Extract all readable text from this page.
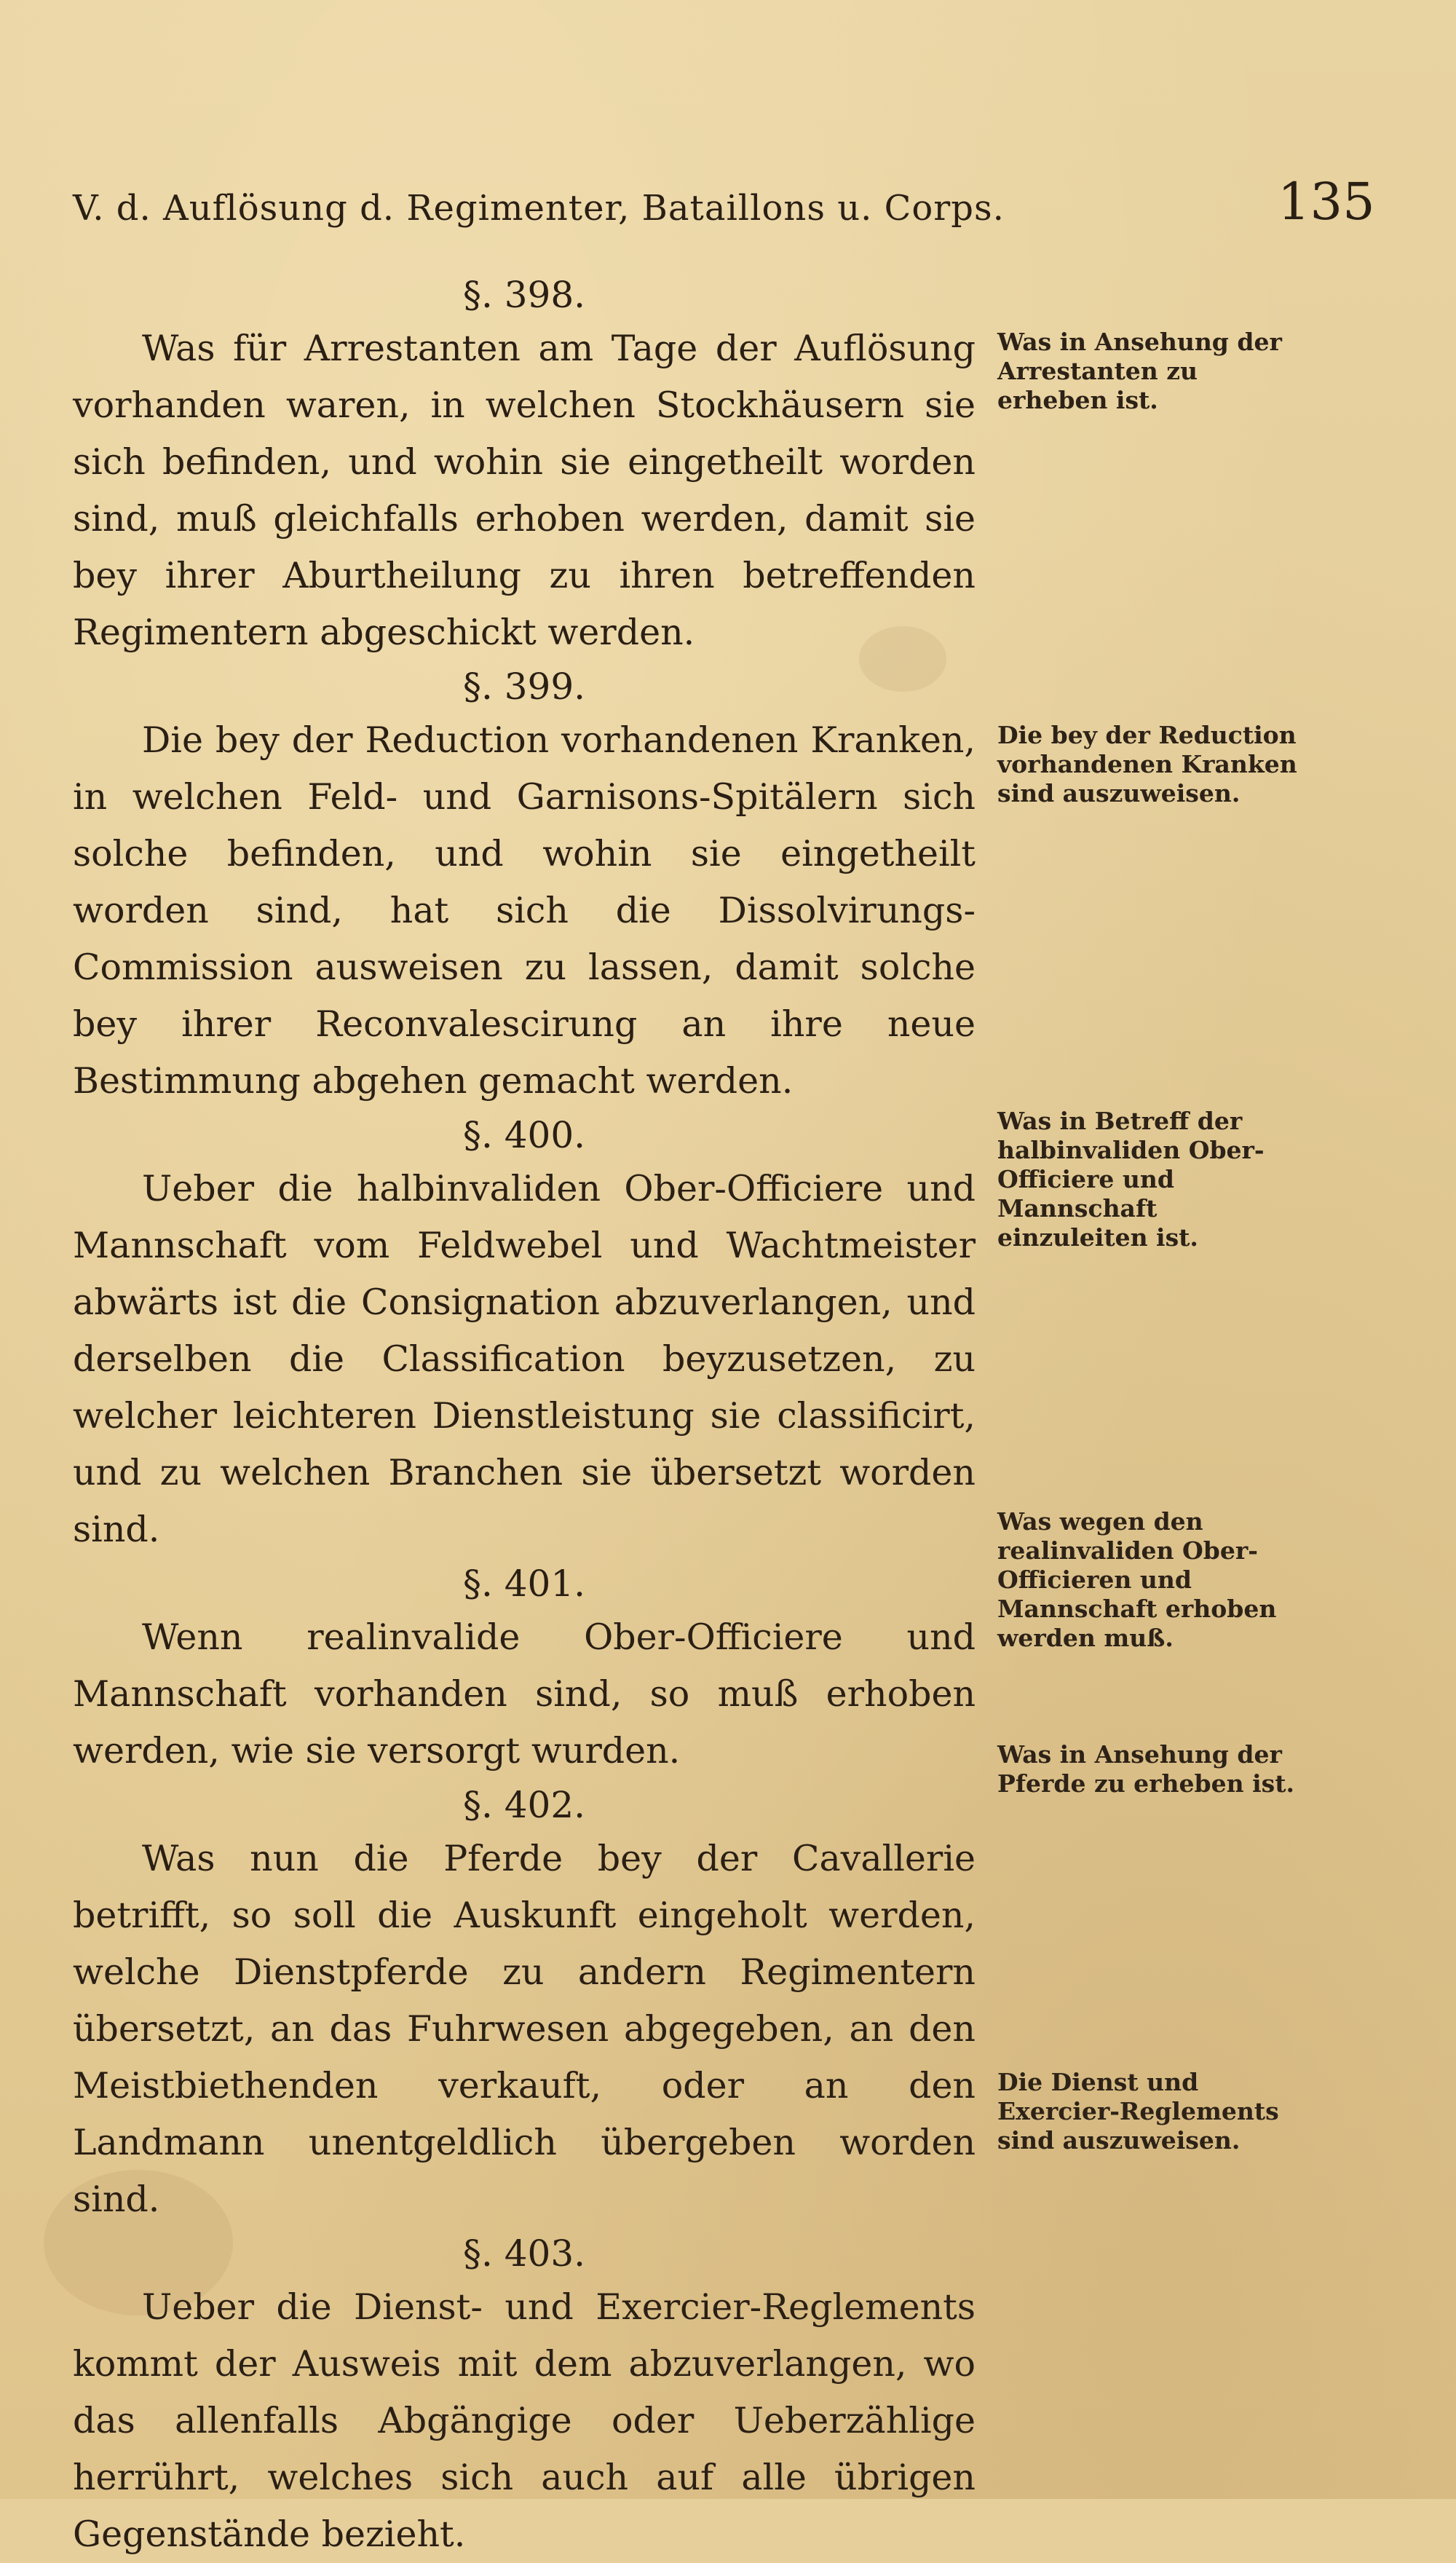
V. d. Auflösung d. Regimenter, Bataillons u. Corps.	135
§. 398.

Was für Arrestanten am Tage der Auflösung vorhanden waren, in welchen Stockhäusern sie sich befinden, und wohin sie eingetheilt worden sind, muß gleichfalls erhoben werden, damit sie bey ihrer Aburtheilung zu ihren betreffenden Regimentern abgeschickt werden.

§. 399.

Die bey der Reduction vorhandenen Kranken, in welchen Feld- und Garnisons-Spitälern sich solche befinden, und wohin sie eingetheilt worden sind, hat sich die Dissolvirungs-Commission ausweisen zu lassen, damit solche bey ihrer Reconvalescirung an ihre neue Bestimmung abgehen gemacht werden.

§. 400.

Ueber die halbinvaliden Ober-Officiere und Mannschaft vom Feldwebel und Wachtmeister abwärts ist die Consignation abzuverlangen, und derselben die Classification beyzusetzen, zu welcher leichteren Dienstleistung sie classificirt, und zu welchen Branchen sie übersetzt worden sind.

§. 401.

Wenn realinvalide Ober-Officiere und Mannschaft vorhanden sind, so muß erhoben werden, wie sie versorgt wurden.

§. 402.

Was nun die Pferde bey der Cavallerie betrifft, so soll die Auskunft eingeholt werden, welche Dienstpferde zu andern Regimentern übersetzt, an das Fuhrwesen abgegeben, an den Meistbiethenden verkauft, oder an den Landmann unentgeldlich übergeben worden sind.

§. 403.

Ueber die Dienst- und Exercier-Reglements kommt der Ausweis mit dem abzuverlangen, wo das allenfalls Abgängige oder Ueberzählige herrührt, welches sich auch auf alle übrigen Gegenstände bezieht.

Was in Ansehung der Arrestanten zu erheben ist.
Die bey der Reduction vorhandenen Kranken sind auszuweisen.
Was in Betreff der halbinvaliden Ober-Officiere und Mannschaft einzuleiten ist.
Was wegen den realinvaliden Ober-Officieren und Mannschaft erhoben werden muß.
Was in Ansehung der Pferde zu erheben ist.
Die Dienst und Exercier-Reglements sind auszuweisen.
